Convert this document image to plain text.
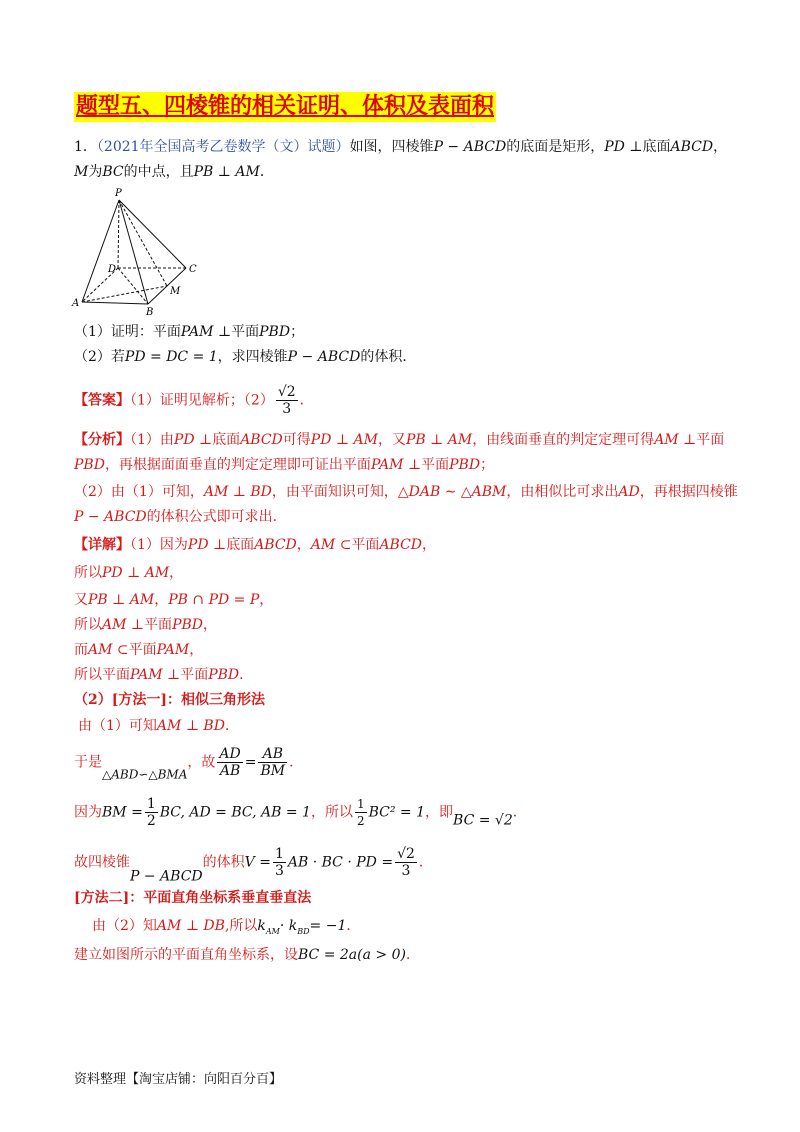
题型五、四棱锥的相关证明、体积及表面积
1．（2021年全国高考乙卷数学（文）试题）如图，四棱锥P − ABCD的底面是矩形，PD ⊥底面ABCD，
M为BC的中点，且PB ⊥ AM．
P
D	C
A
B
M
（1）证明：平面PAM ⊥平面PBD；
（2）若PD = DC = 1，求四棱锥P − ABCD的体积．
【答案】（1）证明见解析；$(2) \frac{√2}{3}$ ．
【分析】（1）由PD ⊥底面ABCD可得PD ⊥ AM，又PB ⊥ AM，由线面垂直的判定定理可得AM ⊥平面
PBD，再根据面面垂直的判定定理即可证出平面PAM ⊥平面PBD；
（2）由（1）可知，AM ⊥ BD，由平面知识可知，△DAB ∼ △ABM，由相似比可求出AD，再根据四棱锥
P − ABCD的体积公式即可求出．
【详解】（1）因为PD ⊥底面ABCD，AM ⊂平面ABCD，
所以PD ⊥ AM，
又PB ⊥ AM，PB ∩ PD = P，
所以AM ⊥平面PBD，
而AM ⊂平面PAM，
所以平面PAM ⊥平面PBD．
（2）[方法一]：相似三角形法
由（1）可知AM ⊥ BD．
于是△ABD∽△BMA，故 $\frac{AD}{AB} = \frac{AB}{BM}$ ．
因为BM = $\frac{1}{2}$ BC, AD = BC, AB = 1，所以 $\frac{1}{2} BC^2 = 1$，即BC = √2．
故四棱锥P − ABCD的体积$V = \frac{1}{3}$ AB · BC · PD = $\frac{√2}{3}$ ．
[方法二]：平面直角坐标系垂直垂直法
由（2）知AM ⊥ DB,所以$k_{AM}\cdot k_{BD}= -1$．
建立如图所示的平面直角坐标系，设BC = 2a(a > 0)．
资料整理【淘宝店铺：向阳百分百】
